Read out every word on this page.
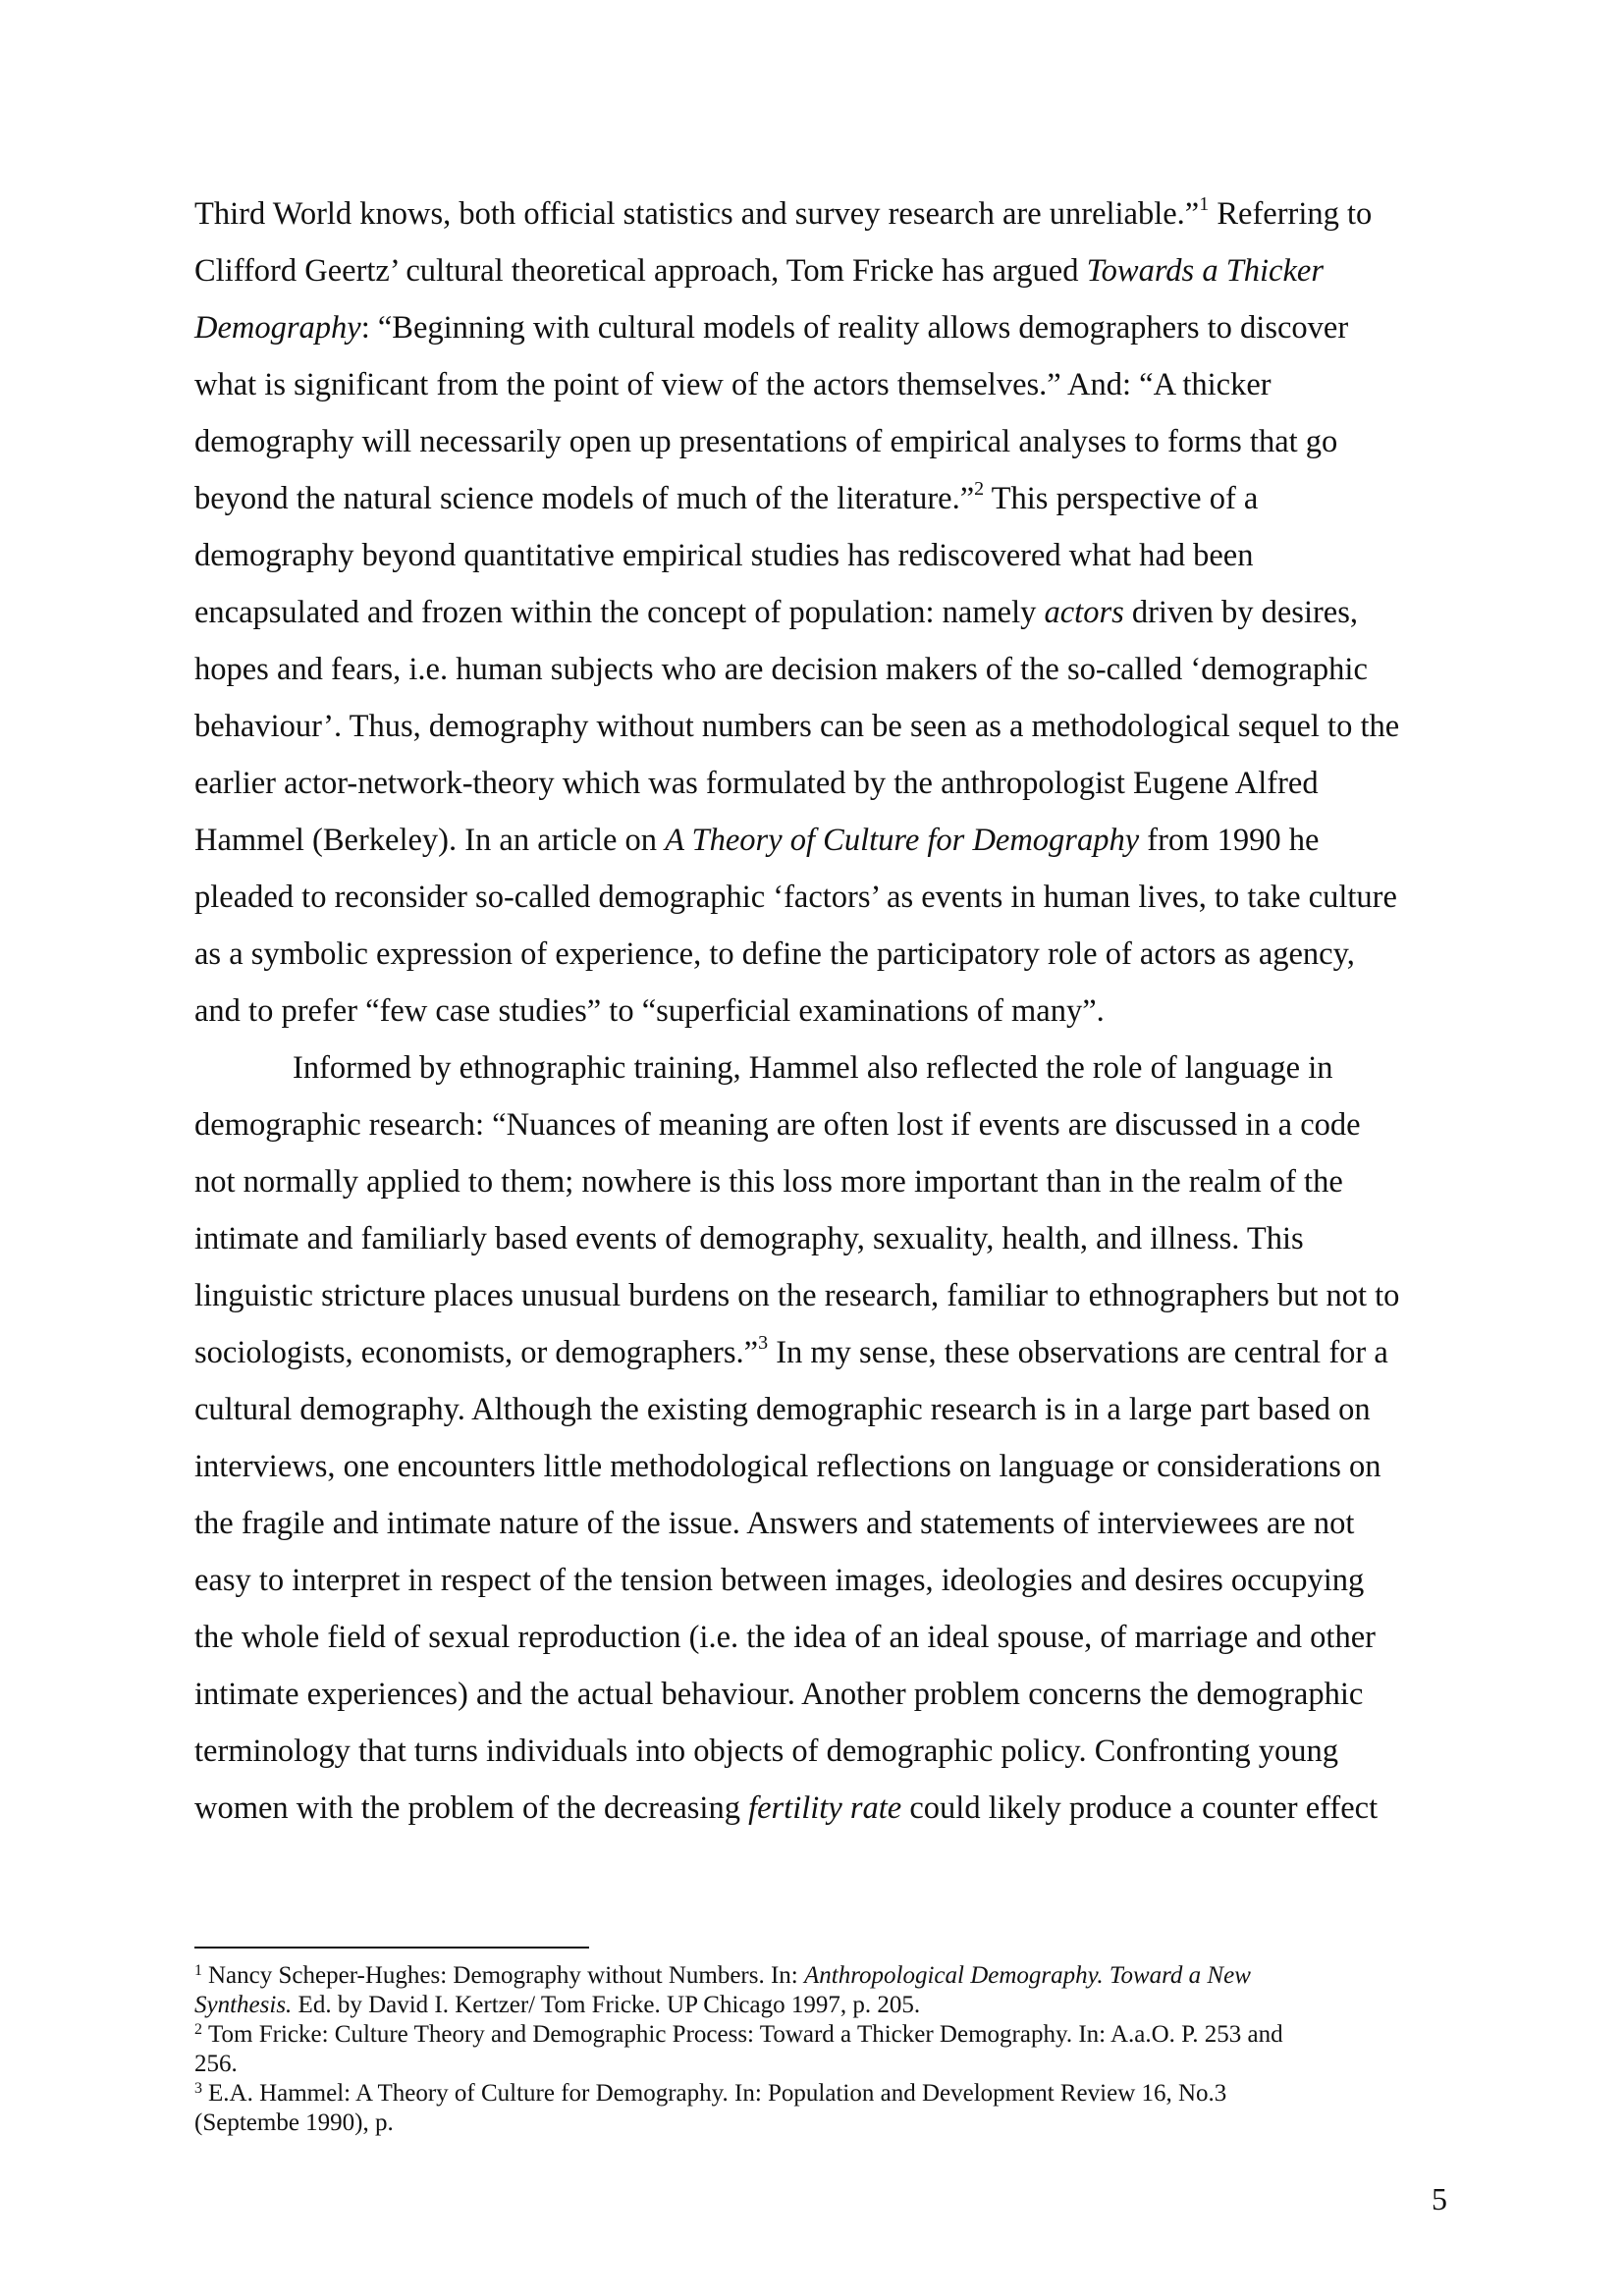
Third World knows, both official statistics and survey research are unreliable.”$^1$ Referring to
Clifford Geertz’ cultural theoretical approach, Tom Fricke has argued Towards a Thicker
Demography: “Beginning with cultural models of reality allows demographers to discover
what is significant from the point of view of the actors themselves.” And: “A thicker
demography will necessarily open up presentations of empirical analyses to forms that go
beyond the natural science models of much of the literature.”$^2$ This perspective of a
demography beyond quantitative empirical studies has rediscovered what had been
encapsulated and frozen within the concept of population: namely actors driven by desires,
hopes and fears, i.e. human subjects who are decision makers of the so-called ‘demographic
behaviour’. Thus, demography without numbers can be seen as a methodological sequel to the
earlier actor-network-theory which was formulated by the anthropologist Eugene Alfred
Hammel (Berkeley). In an article on A Theory of Culture for Demography from 1990 he
pleaded to reconsider so-called demographic ‘factors’ as events in human lives, to take culture
as a symbolic expression of experience, to define the participatory role of actors as agency,
and to prefer “few case studies” to “superficial examinations of many”.
Informed by ethnographic training, Hammel also reflected the role of language in
demographic research: “Nuances of meaning are often lost if events are discussed in a code
not normally applied to them; nowhere is this loss more important than in the realm of the
intimate and familiarly based events of demography, sexuality, health, and illness. This
linguistic stricture places unusual burdens on the research, familiar to ethnographers but not to
sociologists, economists, or demographers.”$^3$ In my sense, these observations are central for a
cultural demography. Although the existing demographic research is in a large part based on
interviews, one encounters little methodological reflections on language or considerations on
the fragile and intimate nature of the issue. Answers and statements of interviewees are not
easy to interpret in respect of the tension between images, ideologies and desires occupying
the whole field of sexual reproduction (i.e. the idea of an ideal spouse, of marriage and other
intimate experiences) and the actual behaviour. Another problem concerns the demographic
terminology that turns individuals into objects of demographic policy. Confronting young
women with the problem of the decreasing fertility rate could likely produce a counter effect
$^1$ Nancy Scheper-Hughes: Demography without Numbers. In: Anthropological Demography. Toward a New
Synthesis. Ed. by David I. Kertzer/ Tom Fricke. UP Chicago 1997, p. 205.
$^2$ Tom Fricke: Culture Theory and Demographic Process: Toward a Thicker Demography. In: A.a.O. P. 253 and
256.
$^3$ E.A. Hammel: A Theory of Culture for Demography. In: Population and Development Review 16, No.3
(Septembe 1990), p.
5
